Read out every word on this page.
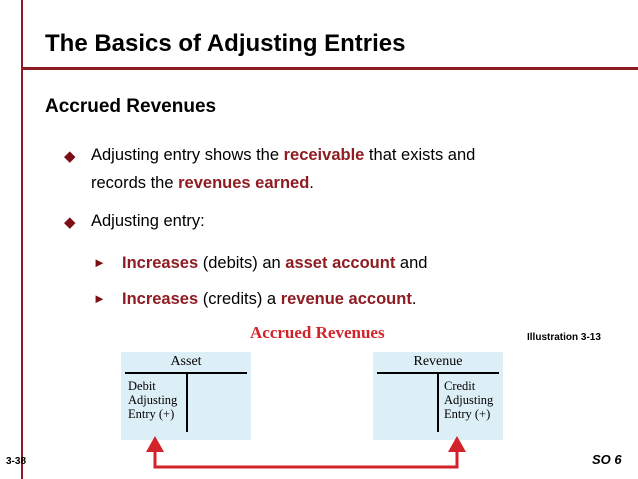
The Basics of Adjusting Entries
Accrued Revenues
◆ Adjusting entry shows the receivable that exists and
records the revenues earned.
◆ Adjusting entry:
► Increases (debits) an asset account and
► Increases (credits) a revenue account.
Accrued Revenues	Illustration 3-13
Asset
Debit
Adjusting
Entry (+)
Revenue
Credit
Adjusting
Entry (+)
3-38	SO 6
